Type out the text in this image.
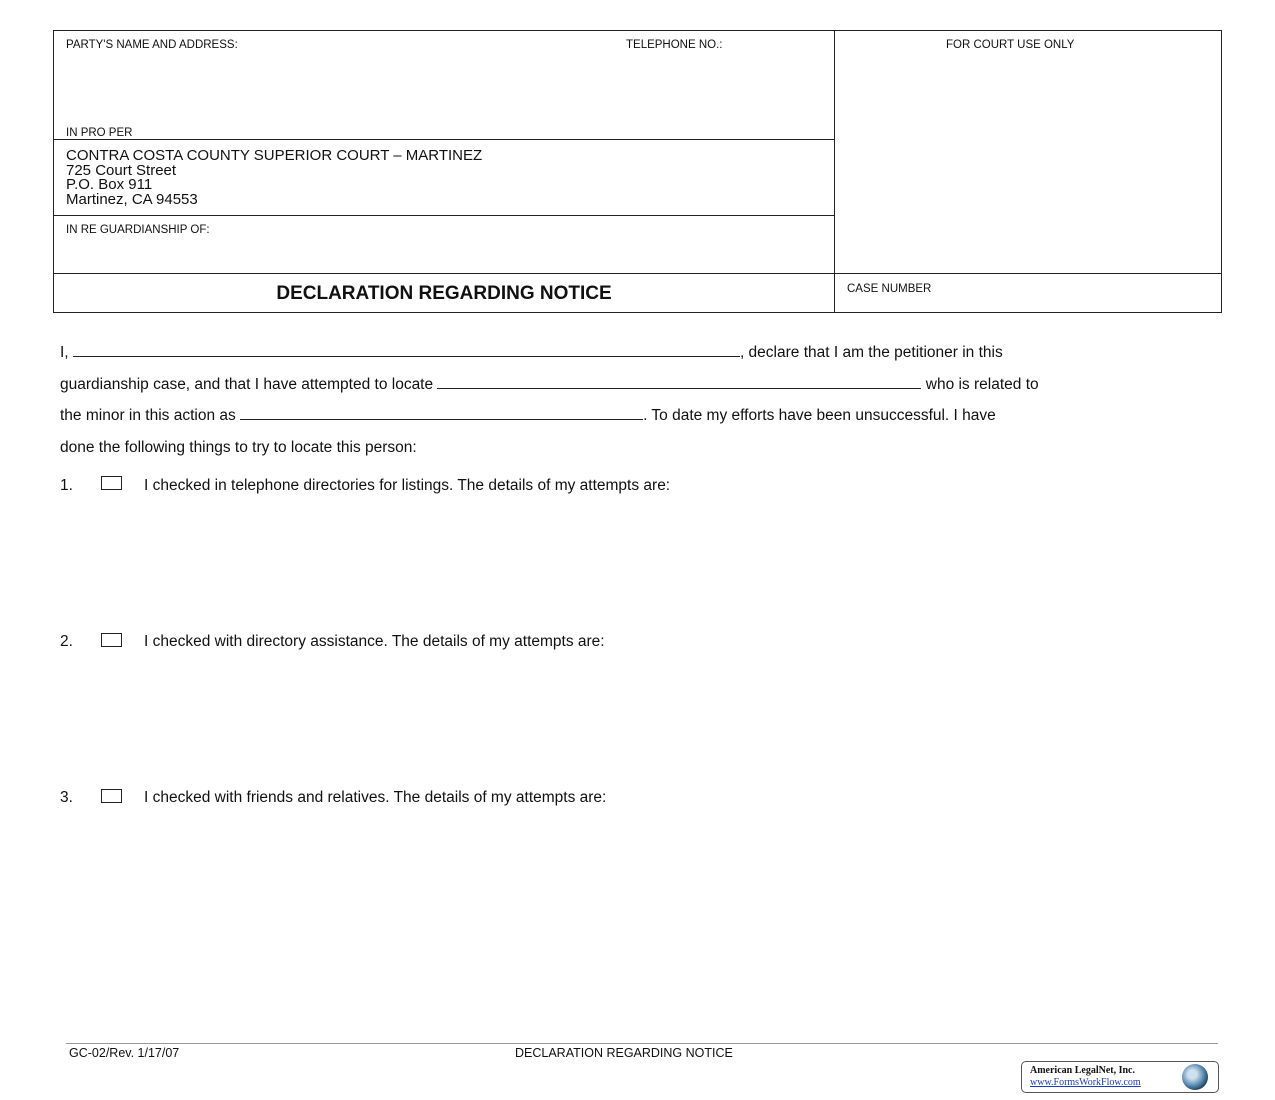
PARTY'S NAME AND ADDRESS:	TELEPHONE NO.:	FOR COURT USE ONLY
IN PRO PER
CONTRA COSTA COUNTY SUPERIOR COURT – MARTINEZ
725 Court Street
P.O. Box 911
Martinez, CA 94553
IN RE GUARDIANSHIP OF:
DECLARATION REGARDING NOTICE	CASE NUMBER
I,	, declare that I am the petitioner in this
guardianship case, and that I have attempted to locate	who is related to
the minor in this action as	. To date my efforts have been unsuccessful. I have
done the following things to try to locate this person:
1.	I checked in telephone directories for listings. The details of my attempts are:
2.	I checked with directory assistance. The details of my attempts are:
3.	I checked with friends and relatives. The details of my attempts are:
GC-02/Rev. 1/17/07	DECLARATION REGARDING NOTICE
American LegalNet, Inc.
www.FormsWorkFlow.com
